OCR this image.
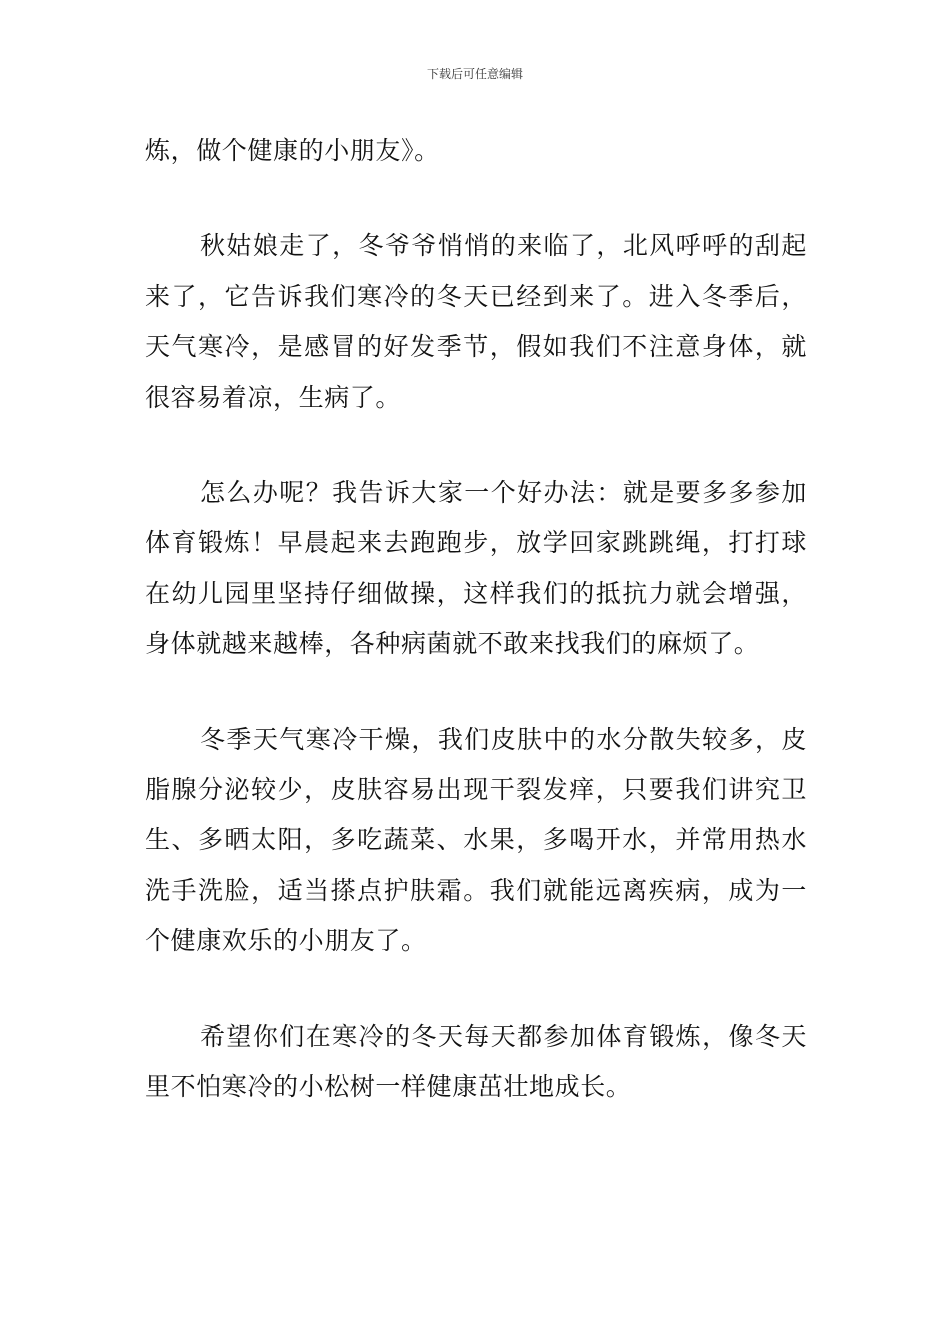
下载后可任意编辑

炼，做个健康的小朋友》。

秋姑娘走了，冬爷爷悄悄的来临了，北风呼呼的刮起来了，它告诉我们寒冷的冬天已经到来了。进入冬季后，天气寒冷，是感冒的好发季节，假如我们不注意身体，就很容易着凉，生病了。

怎么办呢？我告诉大家一个好办法：就是要多多参加体育锻炼！早晨起来去跑跑步，放学回家跳跳绳，打打球在幼儿园里坚持仔细做操，这样我们的抵抗力就会增强，身体就越来越棒，各种病菌就不敢来找我们的麻烦了。

冬季天气寒冷干燥，我们皮肤中的水分散失较多，皮脂腺分泌较少，皮肤容易出现干裂发痒，只要我们讲究卫生、多晒太阳，多吃蔬菜、水果，多喝开水，并常用热水洗手洗脸，适当搽点护肤霜。我们就能远离疾病，成为一个健康欢乐的小朋友了。

希望你们在寒冷的冬天每天都参加体育锻炼，像冬天里不怕寒冷的小松树一样健康茁壮地成长。
